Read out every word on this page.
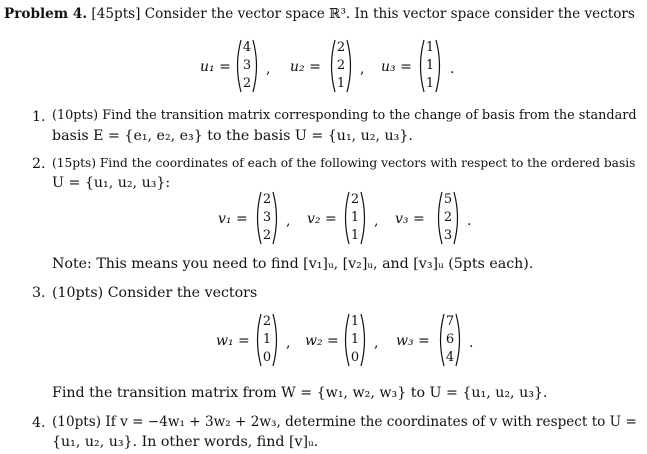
Problem 4. [45pts] Consider the vector space ℝ³. In this vector space consider the vectors
u₁ =
4
3
2
, u₂ =
2
2
1
, u₃ =
1
1
1
.
1. (10pts) Find the transition matrix corresponding to the change of basis from the standard
basis E = {e₁, e₂, e₃} to the basis U = {u₁, u₂, u₃}.
2. (15pts) Find the coordinates of each of the following vectors with respect to the ordered basis
U = {u₁, u₂, u₃}:
v₁ =
2
3
2
, v₂ =
2
1
1
, v₃ =
5
2
3
.
Note: This means you need to find [v₁]ᵤ, [v₂]ᵤ, and [v₃]ᵤ (5pts each).
3. (10pts) Consider the vectors
w₁ =
2
1
0
, w₂ =
1
1
0
, w₃ =
7
6
4
.
Find the transition matrix from W = {w₁, w₂, w₃} to U = {u₁, u₂, u₃}.
4. (10pts) If v = −4w₁ + 3w₂ + 2w₃, determine the coordinates of v with respect to U =
{u₁, u₂, u₃}. In other words, find [v]ᵤ.
